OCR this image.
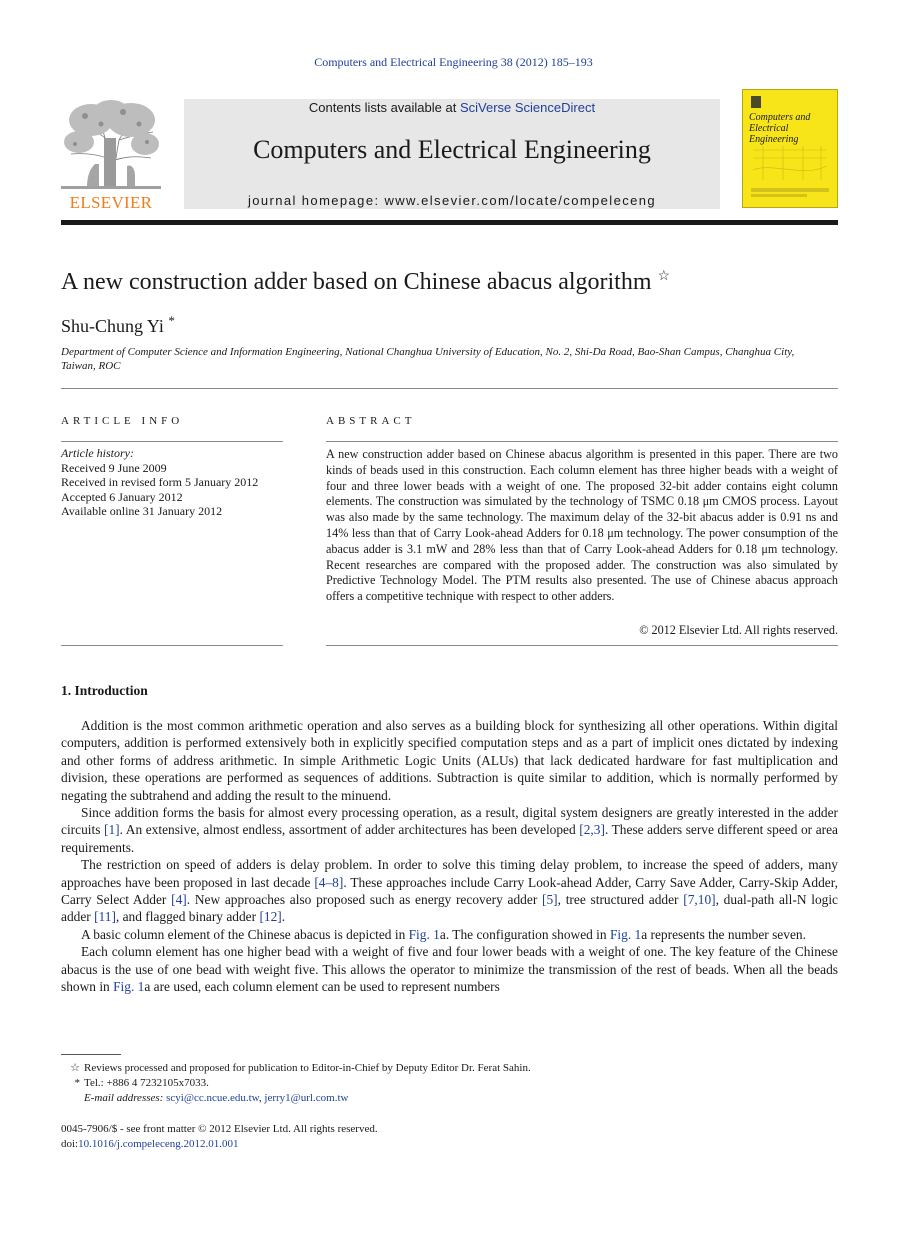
Computers and Electrical Engineering 38 (2012) 185–193
ELSEVIER
Contents lists available at SciVerse ScienceDirect
Computers and Electrical Engineering
journal homepage: www.elsevier.com/locate/compeleceng
Computers and Electrical Engineering
A new construction adder based on Chinese abacus algorithm ☆
Shu-Chung Yi *
Department of Computer Science and Information Engineering, National Changhua University of Education, No. 2, Shi-Da Road, Bao-Shan Campus, Changhua City, Taiwan, ROC
ARTICLE INFO	ABSTRACT
Article history:
Received 9 June 2009
Received in revised form 5 January 2012
Accepted 6 January 2012
Available online 31 January 2012
A new construction adder based on Chinese abacus algorithm is presented in this paper. There are two kinds of beads used in this construction. Each column element has three higher beads with a weight of four and three lower beads with a weight of one. The proposed 32-bit adder contains eight column elements. The construction was simulated by the technology of TSMC 0.18 μm CMOS process. Layout was also made by the same technology. The maximum delay of the 32-bit abacus adder is 0.91 ns and 14% less than that of Carry Look-ahead Adders for 0.18 μm technology. The power consumption of the abacus adder is 3.1 mW and 28% less than that of Carry Look-ahead Adders for 0.18 μm technology. Recent researches are compared with the proposed adder. The construction was also simulated by Predictive Technology Model. The PTM results also presented. The use of Chinese abacus approach offers a competitive technique with respect to other adders.
© 2012 Elsevier Ltd. All rights reserved.
1. Introduction

Addition is the most common arithmetic operation and also serves as a building block for synthesizing all other operations. Within digital computers, addition is performed extensively both in explicitly specified computation steps and as a part of implicit ones dictated by indexing and other forms of address arithmetic. In simple Arithmetic Logic Units (ALUs) that lack dedicated hardware for fast multiplication and division, these operations are performed as sequences of additions. Subtraction is quite similar to addition, which is normally performed by negating the subtrahend and adding the result to the minuend.

Since addition forms the basis for almost every processing operation, as a result, digital system designers are greatly interested in the adder circuits [1]. An extensive, almost endless, assortment of adder architectures has been developed [2,3]. These adders serve different speed or area requirements.

The restriction on speed of adders is delay problem. In order to solve this timing delay problem, to increase the speed of adders, many approaches have been proposed in last decade [4–8]. These approaches include Carry Look-ahead Adder, Carry Save Adder, Carry-Skip Adder, Carry Select Adder [4]. New approaches also proposed such as energy recovery adder [5], tree structured adder [7,10], dual-path all-N logic adder [11], and flagged binary adder [12].

A basic column element of the Chinese abacus is depicted in Fig. 1a. The configuration showed in Fig. 1a represents the number seven.

Each column element has one higher bead with a weight of five and four lower beads with a weight of one. The key feature of the Chinese abacus is the use of one bead with weight five. This allows the operator to minimize the transmission of the rest of beads. When all the beads shown in Fig. 1a are used, each column element can be used to represent numbers

☆ Reviews processed and proposed for publication to Editor-in-Chief by Deputy Editor Dr. Ferat Sahin.
* Tel.: +886 4 7232105x7033.
E-mail addresses: scyi@cc.ncue.edu.tw, jerry1@url.com.tw
0045-7906/$ - see front matter © 2012 Elsevier Ltd. All rights reserved.
doi:10.1016/j.compeleceng.2012.01.001
